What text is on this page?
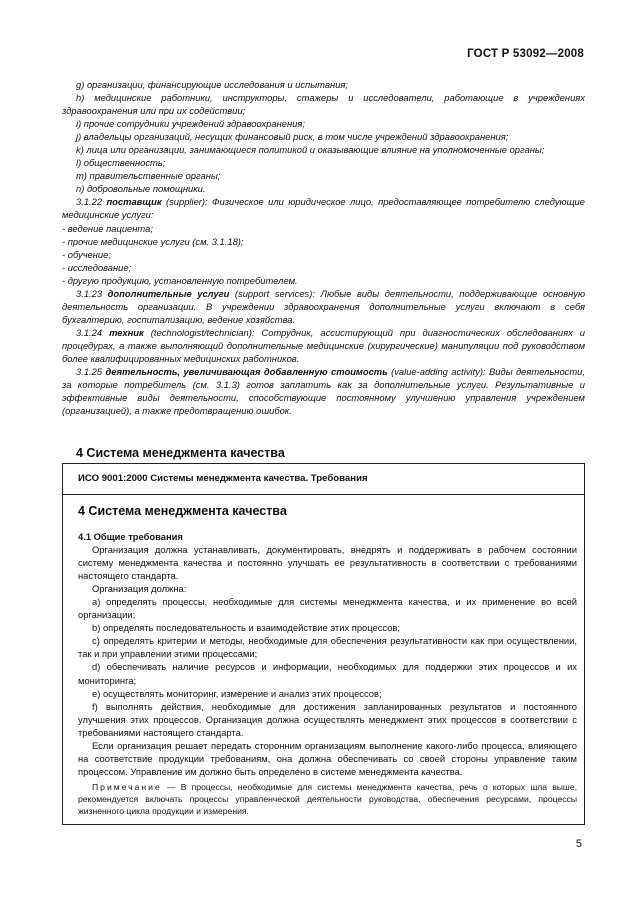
ГОСТ Р 53092—2008

g) организации, финансирующие исследования и испытания;

h) медицинские работники, инструкторы, стажеры и исследователи, работающие в учреждениях здравоохранения или при их содействии;

i) прочие сотрудники учреждений здравоохранения;

j) владельцы организаций, несущих финансовый риск, в том числе учреждений здравоохранения;

k) лица или организации, занимающиеся политикой и оказывающие влияние на уполномоченные органы;

l) общественность;

m) правительственные органы;

n) добровольные помощники.

3.1.22 поставщик (supplier): Физическое или юридическое лицо, предоставляющее потребителю следующие медицинские услуги:

- ведение пациента;

- прочие медицинские услуги (см. 3.1.18);

- обучение;

- исследование;

- другую продукцию, установленную потребителем.

3.1.23 дополнительные услуги (support services): Любые виды деятельности, поддерживающие основную деятельность организации. В учреждении здравоохранения дополнительные услуги включают в себя бухгалтерию, госпитализацию, ведение хозяйства.

3.1.24 техник (technologist/technician): Сотрудник, ассистирующий при диагностических обследованиях и процедурах, а также выполняющий дополнительные медицинские (хирургические) манипуляции под руководством более квалифицированных медицинских работников.

3.1.25 деятельность, увеличивающая добавленную стоимость (value-adding activity): Виды деятельности, за которые потребитель (см. 3.1.3) готов заплатить как за дополнительные услуги. Результативные и эффективные виды деятельности, способствующие постоянному улучшению управления учреждением (организацией), а также предотвращению ошибок.

4 Система менеджмента качества
ИСО 9001:2000 Системы менеджмента качества. Требования
4 Система менеджмента качества

4.1 Общие требования

Организация должна устанавливать, документировать, внедрять и поддерживать в рабочем состоянии систему менеджмента качества и постоянно улучшать ее результативность в соответствии с требованиями настоящего стандарта.

Организация должна:

a) определять процессы, необходимые для системы менеджмента качества, и их применение во всей организации;

b) определять последовательность и взаимодействие этих процессов;

c) определять критерии и методы, необходимые для обеспечения результативности как при осуществлении, так и при управлении этими процессами;

d) обеспечивать наличие ресурсов и информации, необходимых для поддержки этих процессов и их мониторинга;

e) осуществлять мониторинг, измерение и анализ этих процессов;

f) выполнять действия, необходимые для достижения запланированных результатов и постоянного улучшения этих процессов. Организация должна осуществлять менеджмент этих процессов в соответствии с требованиями настоящего стандарта.

Если организация решает передать сторонним организациям выполнение какого-либо процесса, влияющего на соответствие продукции требованиям, она должна обеспечивать со своей стороны управление таким процессом. Управление им должно быть определено в системе менеджмента качества.

Примечание — В процессы, необходимые для системы менеджмента качества, речь о которых шла выше, рекомендуется включать процессы управленческой деятельности руководства, обеспечения ресурсами, процессы жизненного цикла продукции и измерения.

5
